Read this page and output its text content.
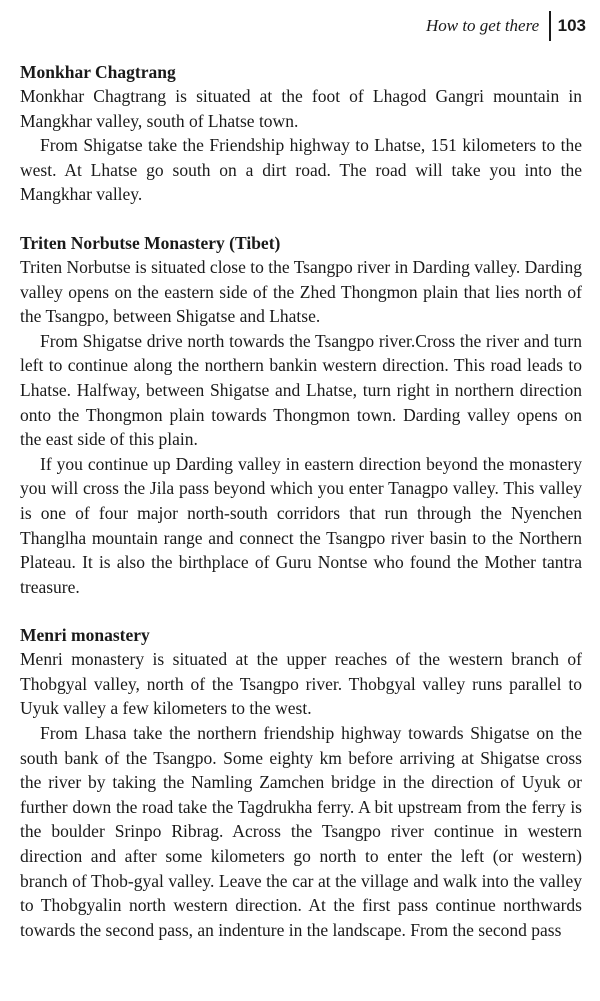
How to get there	103

Monkhar Chagtrang

Monkhar Chagtrang is situated at the foot of Lhagod Gangri mountain in Mangkhar valley, south of Lhatse town.

From Shigatse take the Friendship highway to Lhatse, 151 kilometers to the west. At Lhatse go south on a dirt road. The road will take you into the Mangkhar valley.

Triten Norbutse Monastery (Tibet)

Triten Norbutse is situated close to the Tsangpo river in Darding valley. Darding valley opens on the eastern side of the Zhed Thongmon plain that lies north of the Tsangpo, between Shigatse and Lhatse.

From Shigatse drive north towards the Tsangpo river.Cross the river and turn left to continue along the northern bankin western direction. This road leads to Lhatse. Halfway, between Shigatse and Lhatse, turn right in northern direction onto the Thongmon plain towards Thongmon town. Darding valley opens on the east side of this plain.

If you continue up Darding valley in eastern direction beyond the monastery you will cross the Jila pass beyond which you enter Tanagpo valley. This valley is one of four major north-south corridors that run through the Nyenchen Thanglha mountain range and connect the Tsangpo river basin to the Northern Plateau. It is also the birthplace of Guru Nontse who found the Mother tantra treasure.

Menri monastery

Menri monastery is situated at the upper reaches of the western branch of Thobgyal valley, north of the Tsangpo river. Thobgyal valley runs parallel to Uyuk valley a few kilometers to the west.

From Lhasa take the northern friendship highway towards Shigatse on the south bank of the Tsangpo. Some eighty km before arriving at Shigatse cross the river by taking the Namling Zamchen bridge in the direction of Uyuk or further down the road take the Tagdrukha ferry. A bit upstream from the ferry is the boulder Srinpo Ribrag. Across the Tsangpo river continue in western direction and after some kilometers go north to enter the left (or western) branch of Thob-gyal valley. Leave the car at the village and walk into the valley to Thobgyalin north western direction. At the first pass continue northwards towards the second pass, an indenture in the landscape. From the second pass
